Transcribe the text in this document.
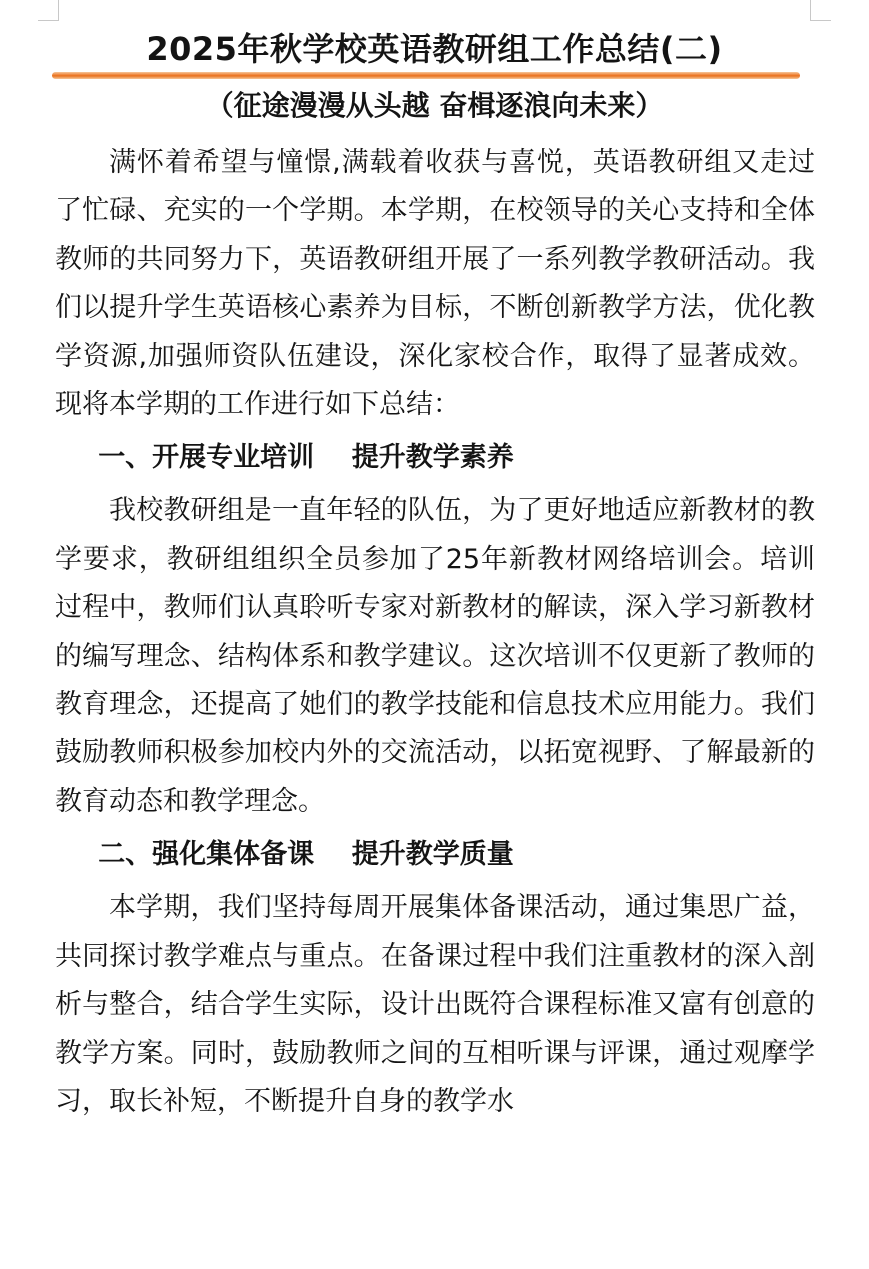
2025年秋学校英语教研组工作总结(二)
（征途漫漫从头越 奋楫逐浪向未来）

满怀着希望与憧憬,满载着收获与喜悦，英语教研组又走过了忙碌、充实的一个学期。本学期，在校领导的关心支持和全体教师的共同努力下，英语教研组开展了一系列教学教研活动。我们以提升学生英语核心素养为目标，不断创新教学方法，优化教学资源,加强师资队伍建设，深化家校合作，取得了显著成效。现将本学期的工作进行如下总结：

一、开展专业培训    提升教学素养

我校教研组是一直年轻的队伍，为了更好地适应新教材的教学要求，教研组组织全员参加了25年新教材网络培训会。培训过程中，教师们认真聆听专家对新教材的解读，深入学习新教材的编写理念、结构体系和教学建议。这次培训不仅更新了教师的教育理念，还提高了她们的教学技能和信息技术应用能力。我们鼓励教师积极参加校内外的交流活动，以拓宽视野、了解最新的教育动态和教学理念。

二、强化集体备课    提升教学质量

本学期，我们坚持每周开展集体备课活动，通过集思广益，共同探讨教学难点与重点。在备课过程中我们注重教材的深入剖析与整合，结合学生实际，设计出既符合课程标准又富有创意的教学方案。同时，鼓励教师之间的互相听课与评课，通过观摩学习，取长补短，不断提升自身的教学水
